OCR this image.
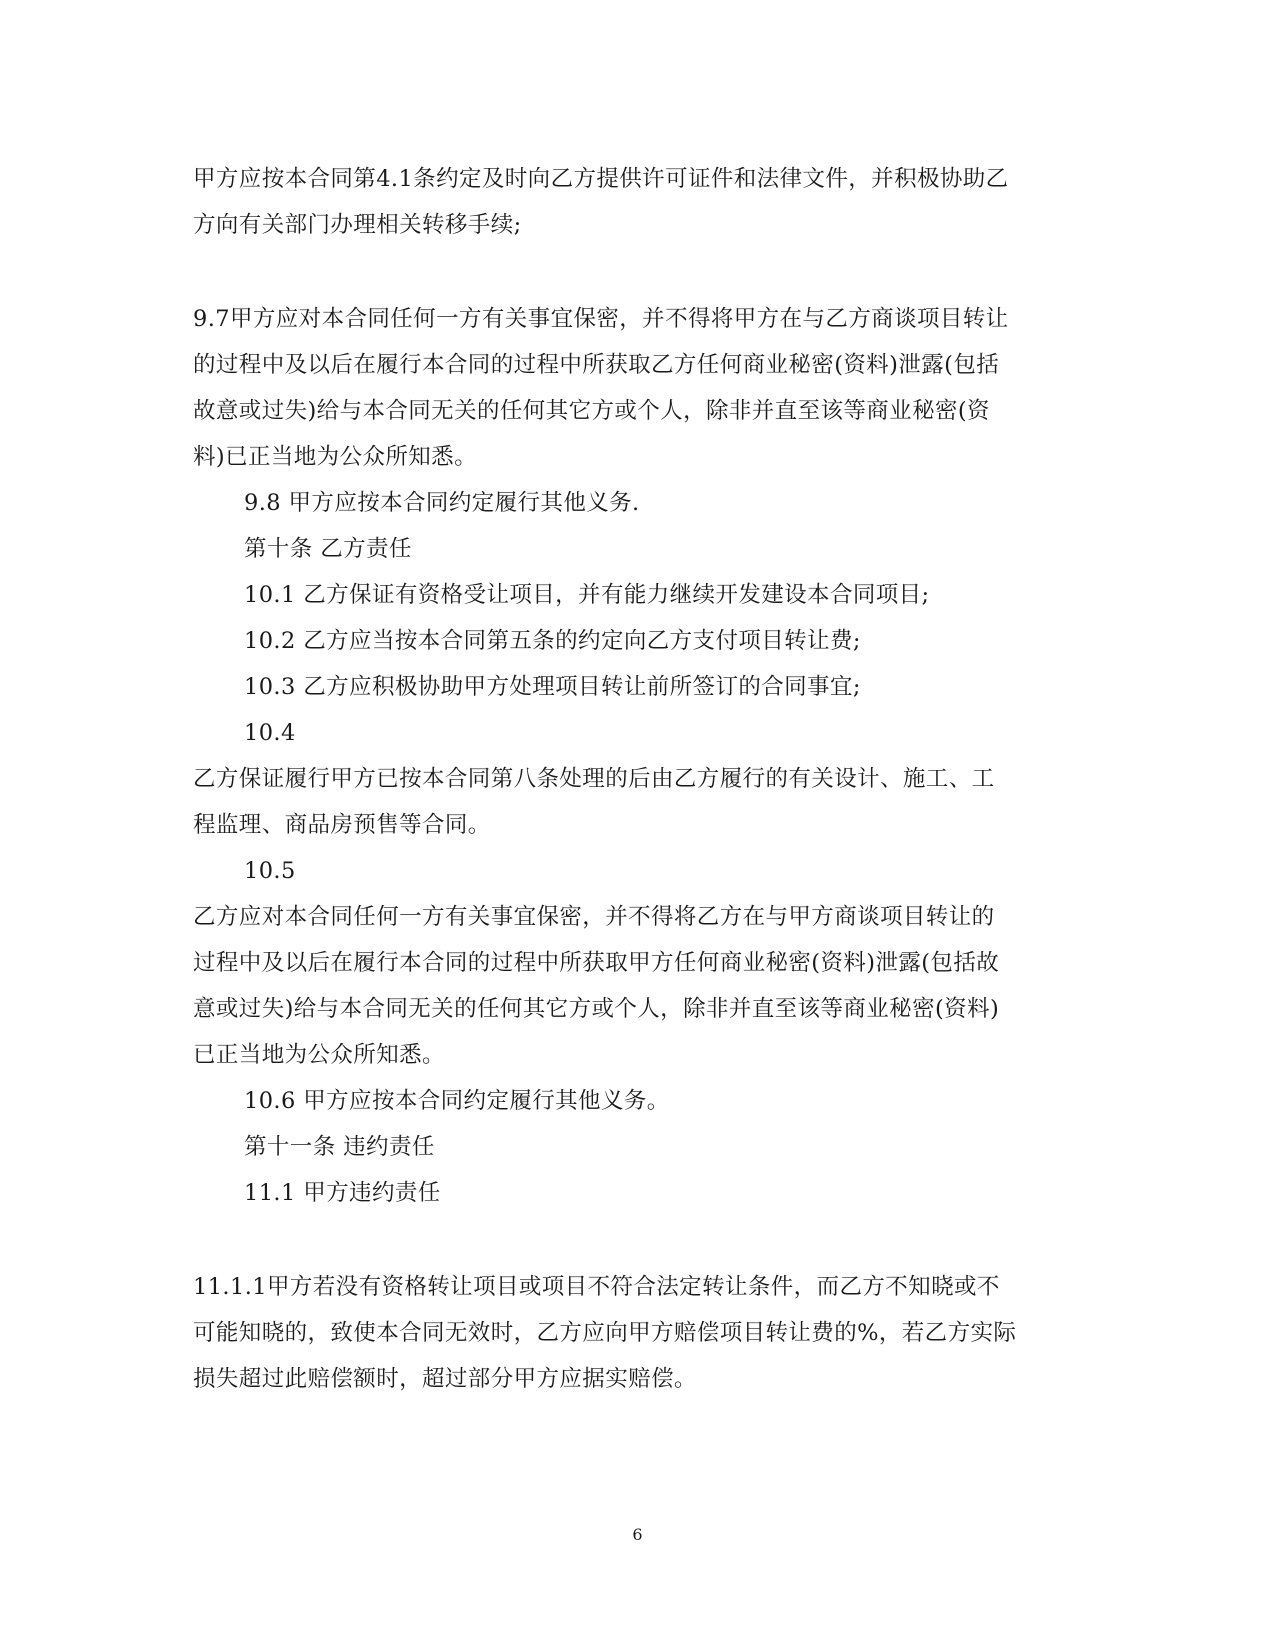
甲方应按本合同第4.1条约定及时向乙方提供许可证件和法律文件，并积极协助乙
方向有关部门办理相关转移手续;
9.7甲方应对本合同任何一方有关事宜保密，并不得将甲方在与乙方商谈项目转让
的过程中及以后在履行本合同的过程中所获取乙方任何商业秘密(资料)泄露(包括
故意或过失)给与本合同无关的任何其它方或个人，除非并直至该等商业秘密(资
料)已正当地为公众所知悉。
9.8 甲方应按本合同约定履行其他义务.
第十条 乙方责任
10.1 乙方保证有资格受让项目，并有能力继续开发建设本合同项目;
10.2 乙方应当按本合同第五条的约定向乙方支付项目转让费;
10.3 乙方应积极协助甲方处理项目转让前所签订的合同事宜;
10.4
乙方保证履行甲方已按本合同第八条处理的后由乙方履行的有关设计、施工、工
程监理、商品房预售等合同。
10.5
乙方应对本合同任何一方有关事宜保密，并不得将乙方在与甲方商谈项目转让的
过程中及以后在履行本合同的过程中所获取甲方任何商业秘密(资料)泄露(包括故
意或过失)给与本合同无关的任何其它方或个人，除非并直至该等商业秘密(资料)
已正当地为公众所知悉。
10.6 甲方应按本合同约定履行其他义务。
第十一条 违约责任
11.1 甲方违约责任
11.1.1甲方若没有资格转让项目或项目不符合法定转让条件，而乙方不知晓或不
可能知晓的，致使本合同无效时，乙方应向甲方赔偿项目转让费的%，若乙方实际
损失超过此赔偿额时，超过部分甲方应据实赔偿。
6
